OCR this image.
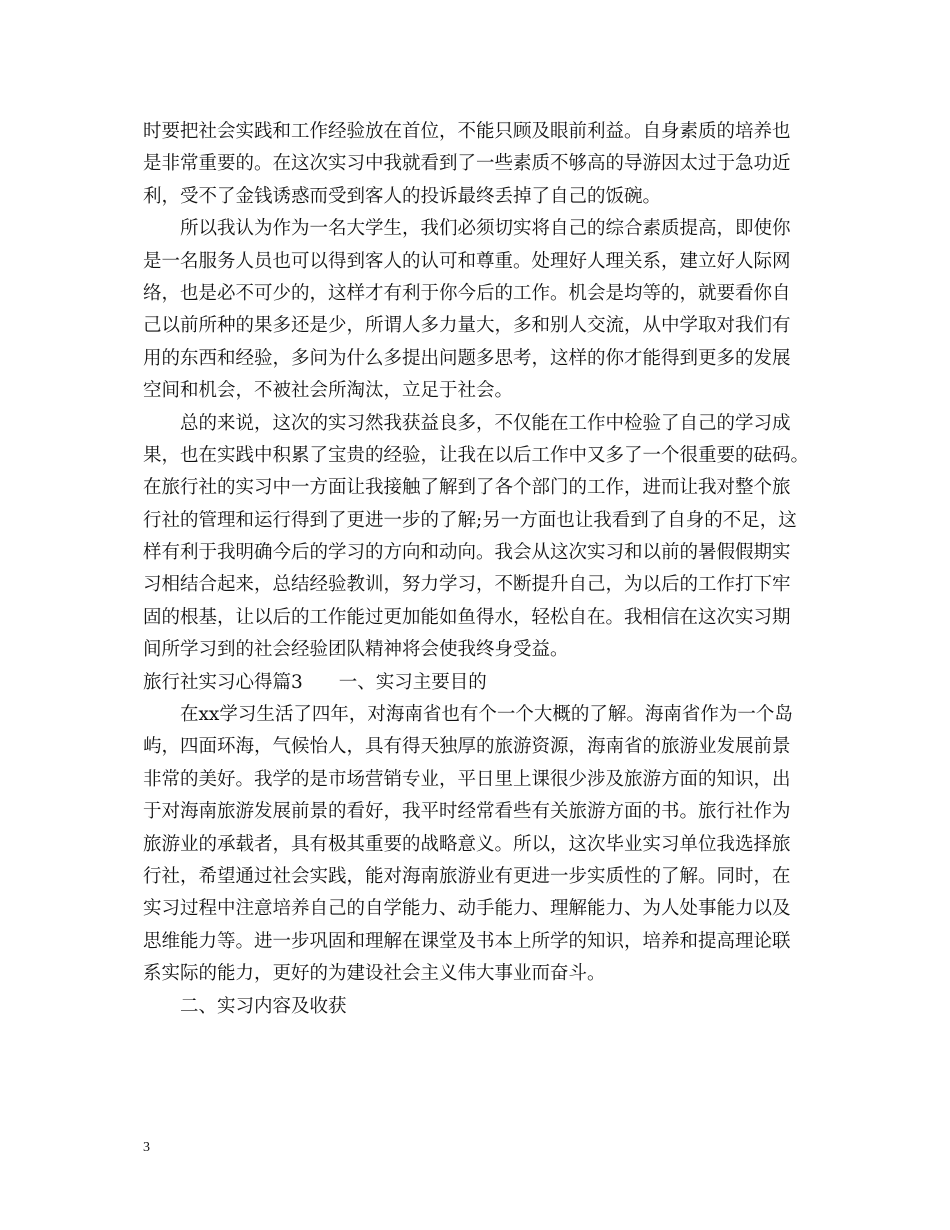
时要把社会实践和工作经验放在首位，不能只顾及眼前利益。自身素质的培养也
是非常重要的。在这次实习中我就看到了一些素质不够高的导游因太过于急功近
利，受不了金钱诱惑而受到客人的投诉最终丢掉了自己的饭碗。
所以我认为作为一名大学生，我们必须切实将自己的综合素质提高，即使你
是一名服务人员也可以得到客人的认可和尊重。处理好人理关系，建立好人际网
络，也是必不可少的，这样才有利于你今后的工作。机会是均等的，就要看你自
己以前所种的果多还是少，所谓人多力量大，多和别人交流，从中学取对我们有
用的东西和经验，多问为什么多提出问题多思考，这样的你才能得到更多的发展
空间和机会，不被社会所淘汰，立足于社会。
总的来说，这次的实习然我获益良多，不仅能在工作中检验了自己的学习成
果，也在实践中积累了宝贵的经验，让我在以后工作中又多了一个很重要的砝码。
在旅行社的实习中一方面让我接触了解到了各个部门的工作，进而让我对整个旅
行社的管理和运行得到了更进一步的了解;另一方面也让我看到了自身的不足，这
样有利于我明确今后的学习的方向和动向。我会从这次实习和以前的暑假假期实
习相结合起来，总结经验教训，努力学习，不断提升自己，为以后的工作打下牢
固的根基，让以后的工作能过更加能如鱼得水，轻松自在。我相信在这次实习期
间所学习到的社会经验团队精神将会使我终身受益。
旅行社实习心得篇3 一、实习主要目的
在xx学习生活了四年，对海南省也有个一个大概的了解。海南省作为一个岛
屿，四面环海，气候怡人，具有得天独厚的旅游资源，海南省的旅游业发展前景
非常的美好。我学的是市场营销专业，平日里上课很少涉及旅游方面的知识，出
于对海南旅游发展前景的看好，我平时经常看些有关旅游方面的书。旅行社作为
旅游业的承载者，具有极其重要的战略意义。所以，这次毕业实习单位我选择旅
行社，希望通过社会实践，能对海南旅游业有更进一步实质性的了解。同时，在
实习过程中注意培养自己的自学能力、动手能力、理解能力、为人处事能力以及
思维能力等。进一步巩固和理解在课堂及书本上所学的知识，培养和提高理论联
系实际的能力，更好的为建设社会主义伟大事业而奋斗。
二、实习内容及收获
3
